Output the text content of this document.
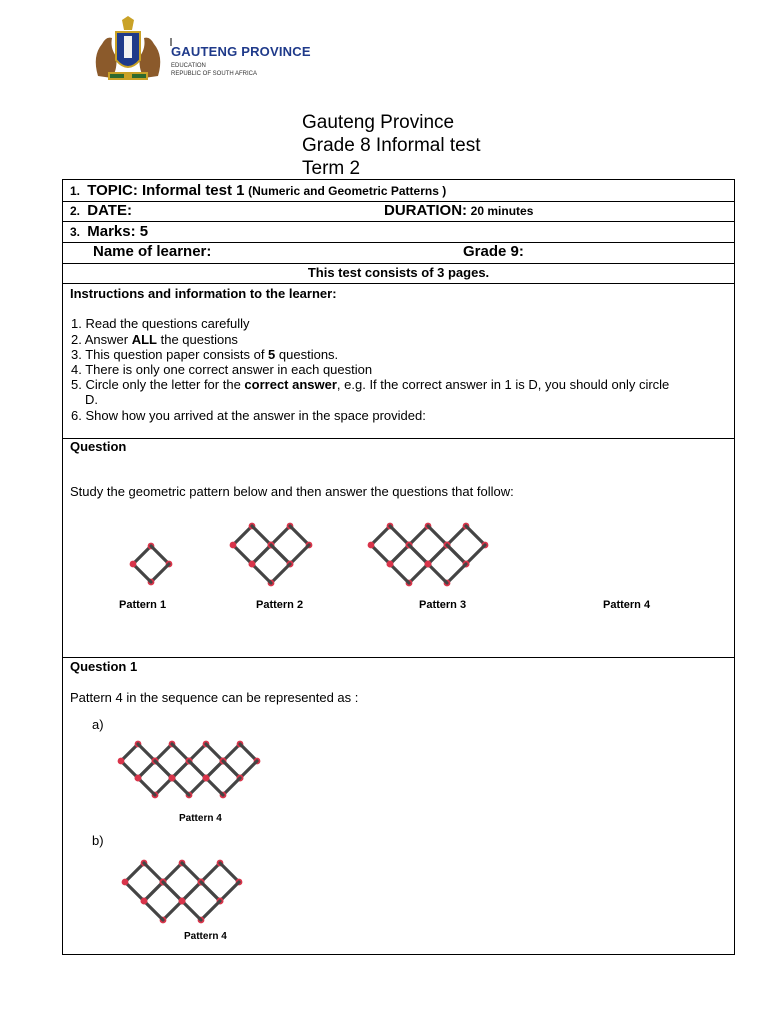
GAUTENG PROVINCE
EDUCATION
REPUBLIC OF SOUTH AFRICA
Gauteng Province
Grade 8 Informal test
Term 2
1. TOPIC: Informal test 1 (Numeric and Geometric Patterns )
2. DATE:	DURATION: 20 minutes
3. Marks: 5
Name of learner:	Grade 9:
This test consists of 3 pages.
Instructions and information to the learner:
1. Read the questions carefully
2. Answer ALL the questions
3. This question paper consists of 5 questions.
4. There is only one correct answer in each question
5. Circle only the letter for the correct answer, e.g. If the correct answer in 1 is D, you should only circle
D.
6. Show how you arrived at the answer in the space provided:
Question
Study the geometric pattern below and then answer the questions that follow:
Pattern 1	Pattern 2	Pattern 3	Pattern 4
Question 1
Pattern 4 in the sequence can be represented as :
a)
Pattern 4
b)
Pattern 4
